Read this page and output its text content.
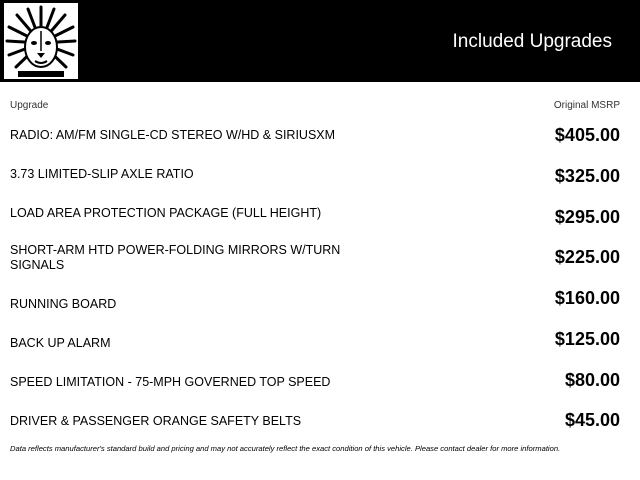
Included Upgrades
Upgrade	Original MSRP
RADIO: AM/FM SINGLE-CD STEREO W/HD & SIRIUSXM	$405.00
3.73 LIMITED-SLIP AXLE RATIO	$325.00
LOAD AREA PROTECTION PACKAGE (FULL HEIGHT)	$295.00
SHORT-ARM HTD POWER-FOLDING MIRRORS W/TURN SIGNALS	$225.00
RUNNING BOARD	$160.00
BACK UP ALARM	$125.00
SPEED LIMITATION - 75-MPH GOVERNED TOP SPEED	$80.00
DRIVER & PASSENGER ORANGE SAFETY BELTS	$45.00
Data reflects manufacturer's standard build and pricing and may not accurately reflect the exact condition of this vehicle. Please contact dealer for more information.
